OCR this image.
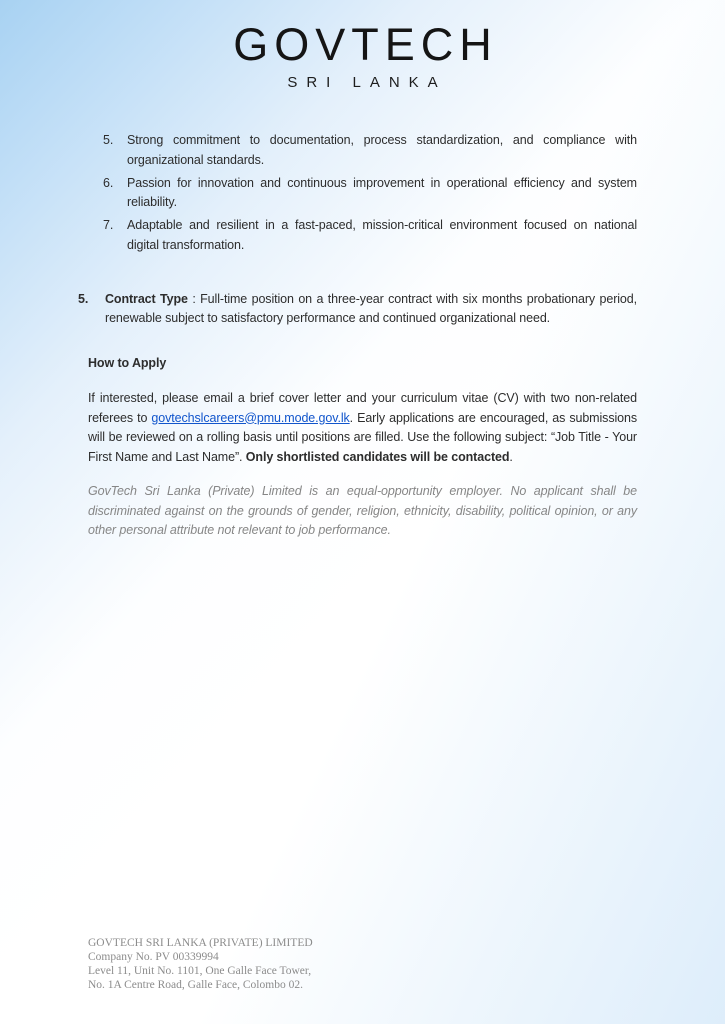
GOVTECH
SRI LANKA
5.	Strong commitment to documentation, process standardization, and compliance with organizational standards.
6.	Passion for innovation and continuous improvement in operational efficiency and system reliability.
7.	Adaptable and resilient in a fast-paced, mission-critical environment focused on national digital transformation.
5.	Contract Type : Full-time position on a three-year contract with six months probationary period, renewable subject to satisfactory performance and continued organizational need.
How to Apply

If interested, please email a brief cover letter and your curriculum vitae (CV) with two non-related referees to govtechslcareers@pmu.mode.gov.lk. Early applications are encouraged, as submissions will be reviewed on a rolling basis until positions are filled. Use the following subject: “Job Title - Your First Name and Last Name”. Only shortlisted candidates will be contacted.

GovTech Sri Lanka (Private) Limited is an equal-opportunity employer. No applicant shall be discriminated against on the grounds of gender, religion, ethnicity, disability, political opinion, or any other personal attribute not relevant to job performance.

GOVTECH SRI LANKA (PRIVATE) LIMITED
Company No. PV 00339994
Level 11, Unit No. 1101, One Galle Face Tower,
No. 1A Centre Road, Galle Face, Colombo 02.
